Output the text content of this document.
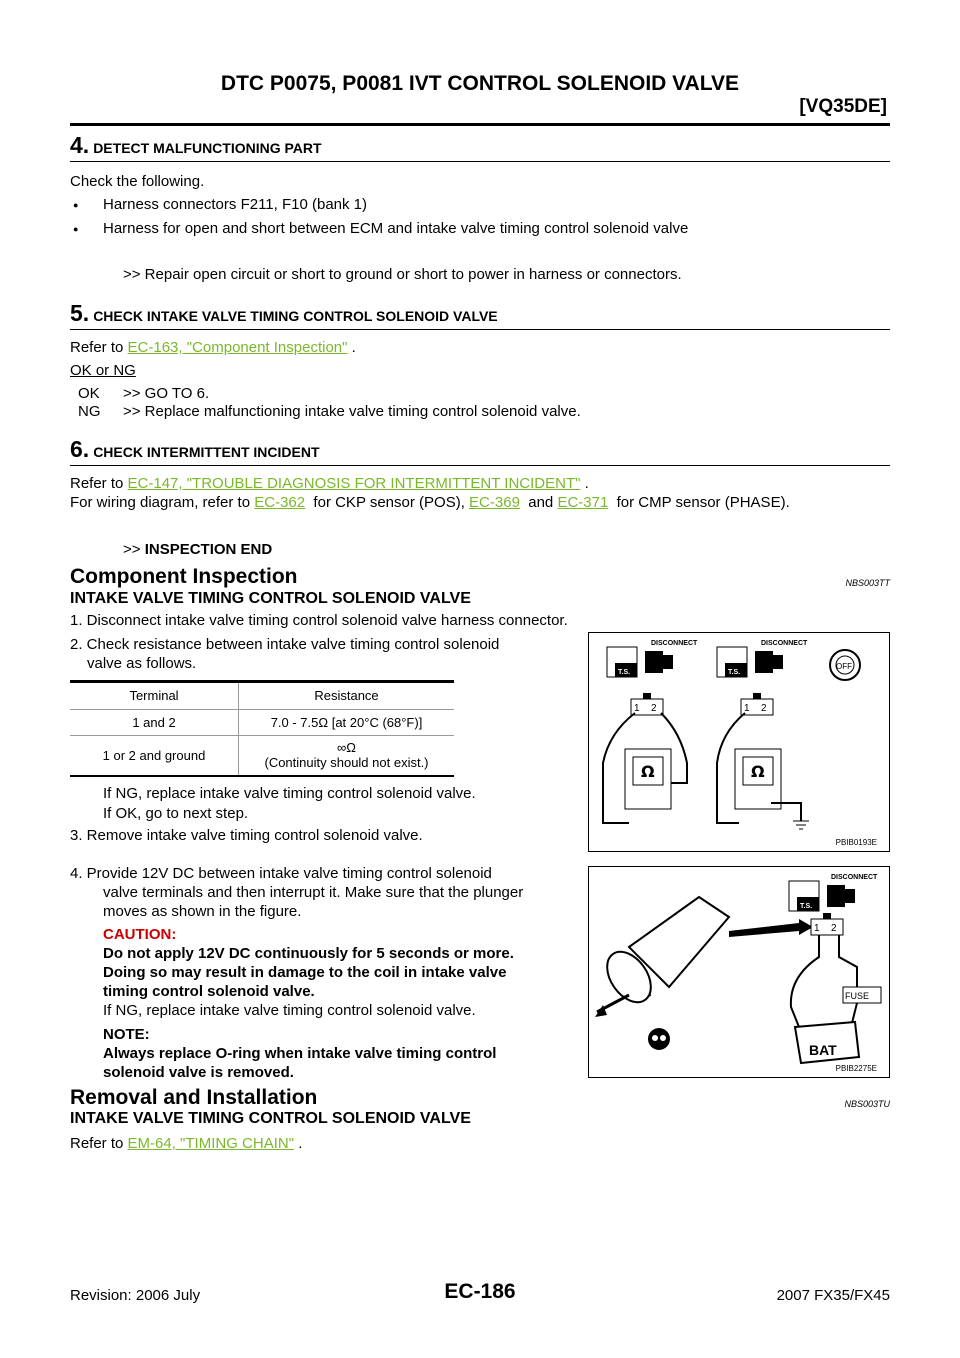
DTC P0075, P0081 IVT CONTROL SOLENOID VALVE
[VQ35DE]
4. DETECT MALFUNCTIONING PART
Check the following.
● Harness connectors F211, F10 (bank 1)
● Harness for open and short between ECM and intake valve timing control solenoid valve
>> Repair open circuit or short to ground or short to power in harness or connectors.
5. CHECK INTAKE VALVE TIMING CONTROL SOLENOID VALVE
Refer to EC-163, "Component Inspection" .
OK or NG
OK >> GO TO 6.
NG >> Replace malfunctioning intake valve timing control solenoid valve.
6. CHECK INTERMITTENT INCIDENT
Refer to EC-147, "TROUBLE DIAGNOSIS FOR INTERMITTENT INCIDENT" .
For wiring diagram, refer to EC-362  for CKP sensor (POS), EC-369  and EC-371  for CMP sensor (PHASE).
>> INSPECTION END
Component Inspection	NBS003TT
INTAKE VALVE TIMING CONTROL SOLENOID VALVE
1. Disconnect intake valve timing control solenoid valve harness connector.
2. Check resistance between intake valve timing control solenoid
valve as follows.
Terminal	Resistance
1 and 2	7.0 - 7.5Ω [at 20°C (68°F)]
1 or 2 and ground	∞Ω
(Continuity should not exist.)
If NG, replace intake valve timing control solenoid valve.
If OK, go to next step.
3. Remove intake valve timing control solenoid valve.
4. Provide 12V DC between intake valve timing control solenoid
valve terminals and then interrupt it. Make sure that the plunger
moves as shown in the figure.
CAUTION:
Do not apply 12V DC continuously for 5 seconds or more.
Doing so may result in damage to the coil in intake valve
timing control solenoid valve.
If NG, replace intake valve timing control solenoid valve.
NOTE:
Always replace O-ring when intake valve timing control
solenoid valve is removed.
T.S.
DISCONNECT
T.S.
DISCONNECT
OFF
1 2
Ω
1 2
Ω
PBIB0193E
T.S.
DISCONNECT
1 2
FUSE
BAT
PBIB2275E
Removal and Installation	NBS003TU
INTAKE VALVE TIMING CONTROL SOLENOID VALVE
Refer to EM-64, "TIMING CHAIN" .
Revision: 2006 July	EC-186	2007 FX35/FX45
